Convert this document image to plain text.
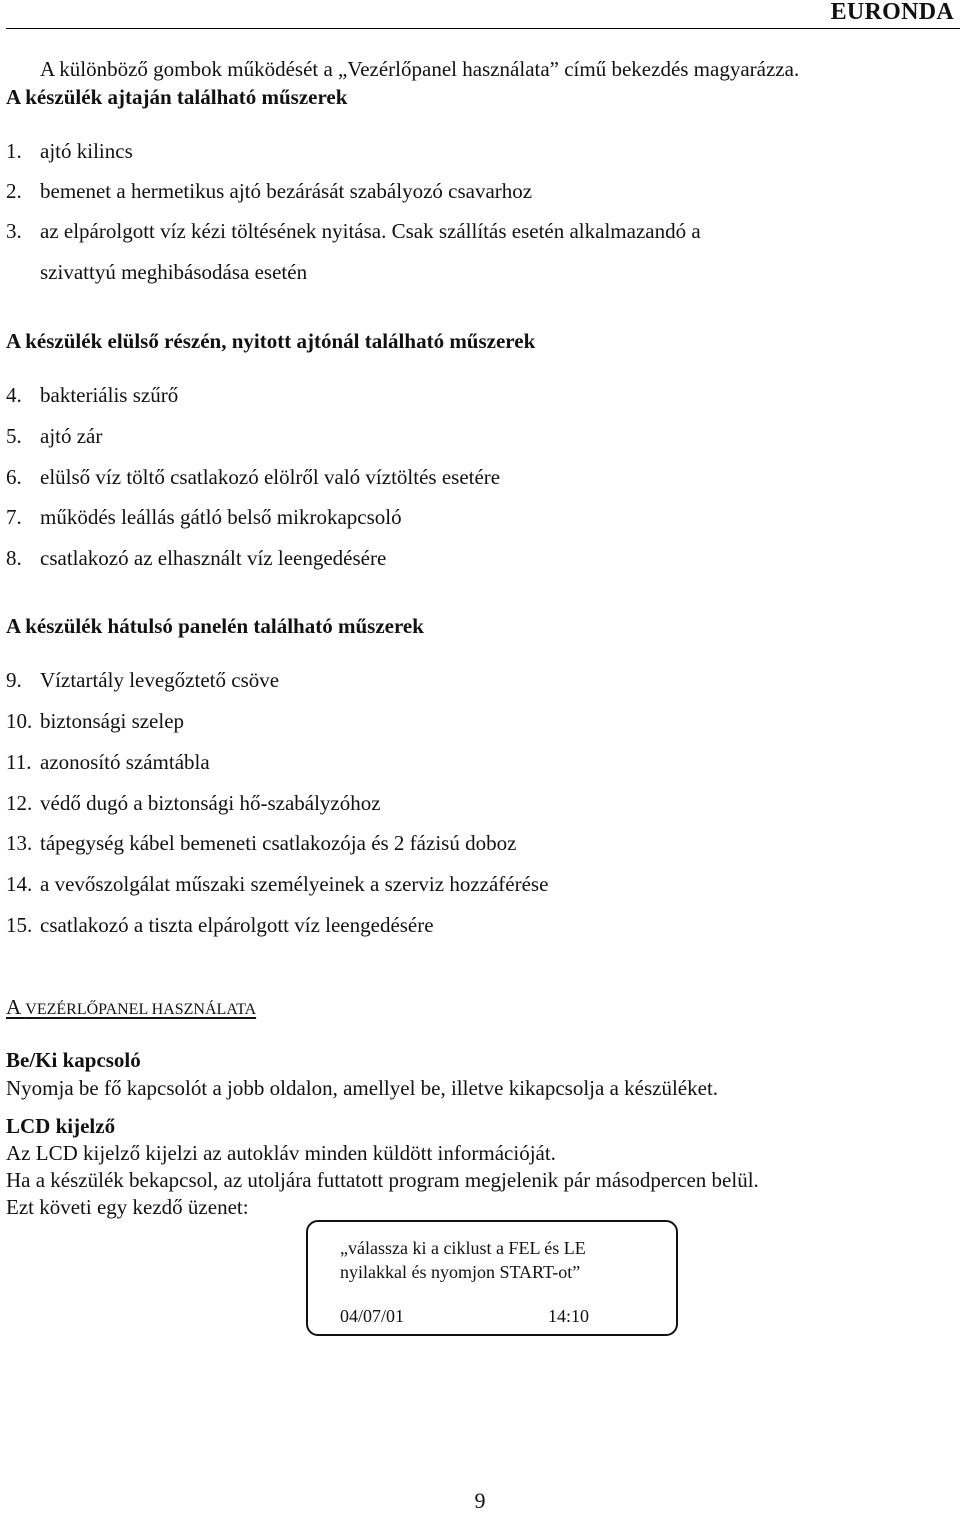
EURONDA
A különböző gombok működését a „Vezérlőpanel használata” című bekezdés magyarázza.
A készülék ajtaján található műszerek
1. ajtó kilincs
2. bemenet a hermetikus ajtó bezárását szabályozó csavarhoz
3. az elpárolgott víz kézi töltésének nyitása. Csak szállítás esetén alkalmazandó a
szivattyú meghibásodása esetén
A készülék elülső részén, nyitott ajtónál található műszerek
4. bakteriális szűrő
5. ajtó zár
6. elülső víz töltő csatlakozó elölről való víztöltés esetére
7. működés leállás gátló belső mikrokapcsoló
8. csatlakozó az elhasznált víz leengedésére
A készülék hátulsó panelén található műszerek
9. Víztartály levegőztető csöve
10. biztonsági szelep
11. azonosító számtábla
12. védő dugó a biztonsági hő-szabályzóhoz
13. tápegység kábel bemeneti csatlakozója és 2 fázisú doboz
14. a vevőszolgálat műszaki személyeinek a szerviz hozzáférése
15. csatlakozó a tiszta elpárolgott víz leengedésére
A VEZÉRLŐPANEL HASZNÁLATA
Be/Ki kapcsoló
Nyomja be fő kapcsolót a jobb oldalon, amellyel be, illetve kikapcsolja a készüléket.
LCD kijelző
Az LCD kijelző kijelzi az autokláv minden küldött információját.
Ha a készülék bekapcsol, az utoljára futtatott program megjelenik pár másodpercen belül.
Ezt követi egy kezdő üzenet:
„válassza ki a ciklust a FEL és LE
nyilakkal és nyomjon START-ot”
04/07/01	14:10
9
